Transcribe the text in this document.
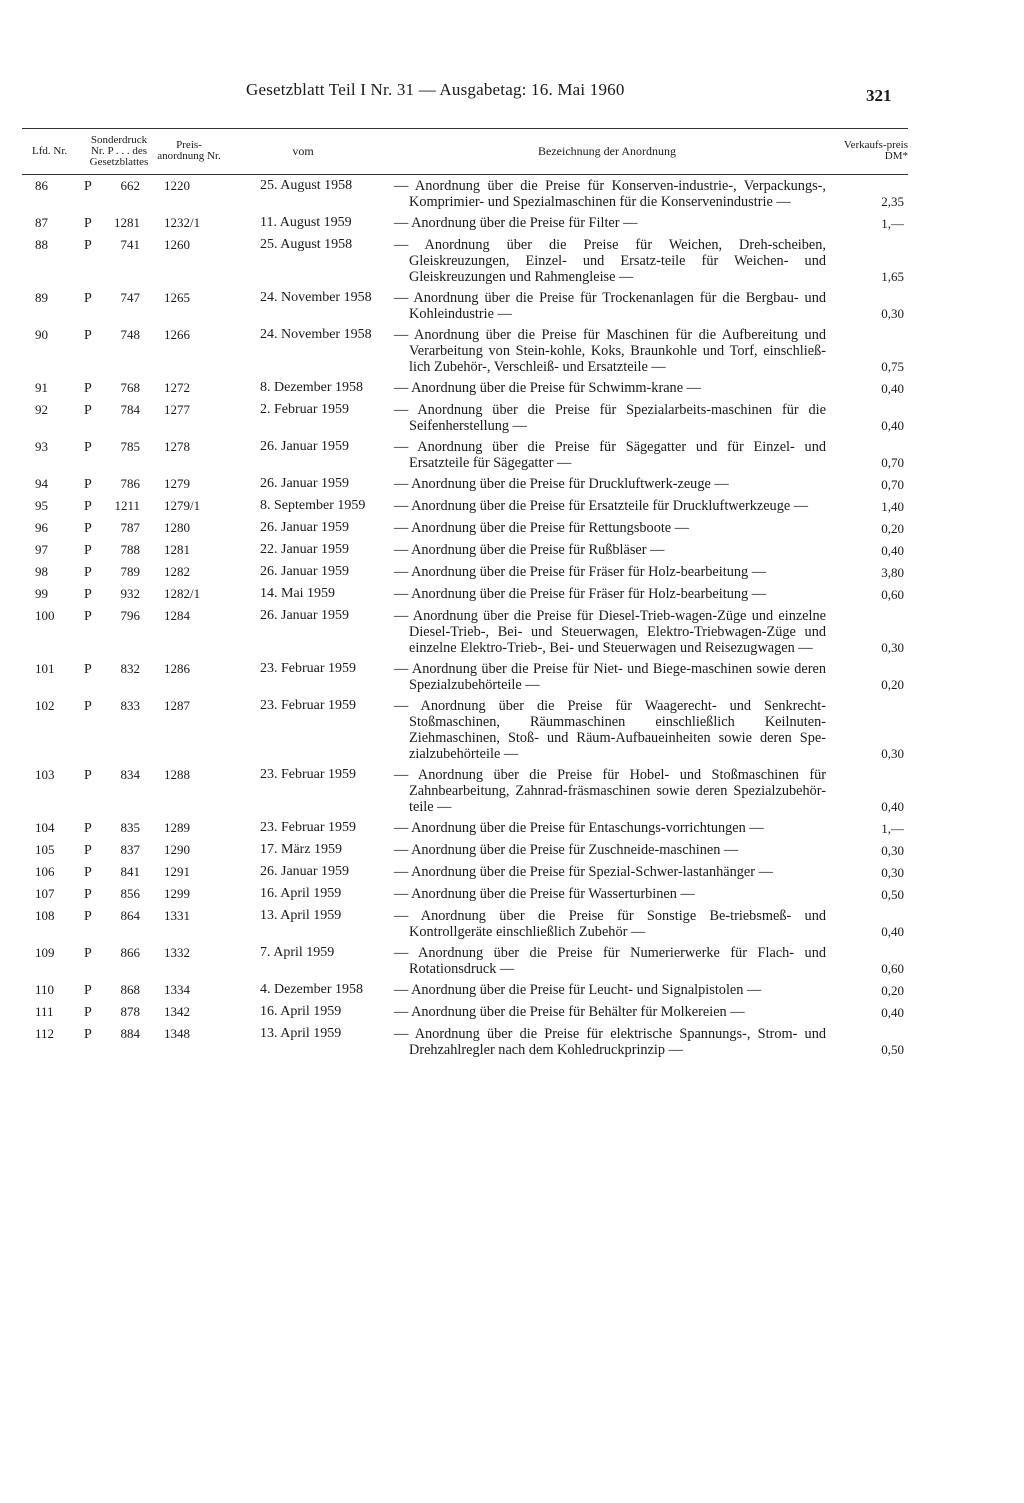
Gesetzblatt Teil I Nr. 31 — Ausgabetag: 16. Mai 1960	321
Lfd. Nr.	Sonderdruck Nr. P . . . des Gesetzblattes	Preis-anordnung Nr.	vom	Bezeichnung der Anordnung	Verkaufs-preis DM*
86	P 662	1220	25. August 1958	— Anordnung über die Preise für Konserven-industrie-, Verpackungs-, Komprimier- und Spezialmaschinen für die Konservenindustrie —	2,35
87	P 1281	1232/1	11. August 1959	— Anordnung über die Preise für Filter —	1,—
88	P 741	1260	25. August 1958	— Anordnung über die Preise für Weichen, Dreh-scheiben, Gleiskreuzungen, Einzel- und Ersatz-teile für Weichen- und Gleiskreuzungen und Rahmengleise —	1,65
89	P 747	1265	24. November 1958	— Anordnung über die Preise für Trockenanlagen für die Bergbau- und Kohleindustrie —	0,30
90	P 748	1266	24. November 1958	— Anordnung über die Preise für Maschinen für die Aufbereitung und Verarbeitung von Stein-kohle, Koks, Braunkohle und Torf, einschließ-lich Zubehör-, Verschleiß- und Ersatzteile —	0,75
91	P 768	1272	8. Dezember 1958	— Anordnung über die Preise für Schwimm-krane —	0,40
92	P 784	1277	2. Februar 1959	— Anordnung über die Preise für Spezialarbeits-maschinen für die Seifenherstellung —	0,40
93	P 785	1278	26. Januar 1959	— Anordnung über die Preise für Sägegatter und für Einzel- und Ersatzteile für Sägegatter —	0,70
94	P 786	1279	26. Januar 1959	— Anordnung über die Preise für Druckluftwerk-zeuge —	0,70
95	P 1211	1279/1	8. September 1959	— Anordnung über die Preise für Ersatzteile für Druckluftwerkzeuge —	1,40
96	P 787	1280	26. Januar 1959	— Anordnung über die Preise für Rettungsboote —	0,20
97	P 788	1281	22. Januar 1959	— Anordnung über die Preise für Rußbläser —	0,40
98	P 789	1282	26. Januar 1959	— Anordnung über die Preise für Fräser für Holz-bearbeitung —	3,80
99	P 932	1282/1	14. Mai 1959	— Anordnung über die Preise für Fräser für Holz-bearbeitung —	0,60
100	P 796	1284	26. Januar 1959	— Anordnung über die Preise für Diesel-Trieb-wagen-Züge und einzelne Diesel-Trieb-, Bei- und Steuerwagen, Elektro-Triebwagen-Züge und einzelne Elektro-Trieb-, Bei- und Steuerwagen und Reisezugwagen —	0,30
101	P 832	1286	23. Februar 1959	— Anordnung über die Preise für Niet- und Biege-maschinen sowie deren Spezialzubehörteile —	0,20
102	P 833	1287	23. Februar 1959	— Anordnung über die Preise für Waagerecht- und Senkrecht-Stoßmaschinen, Räummaschinen einschließlich Keilnuten-Ziehmaschinen, Stoß- und Räum-Aufbaueinheiten sowie deren Spe-zialzubehörteile —	0,30
103	P 834	1288	23. Februar 1959	— Anordnung über die Preise für Hobel- und Stoßmaschinen für Zahnbearbeitung, Zahnrad-fräsmaschinen sowie deren Spezialzubehör-teile —	0,40
104	P 835	1289	23. Februar 1959	— Anordnung über die Preise für Entaschungs-vorrichtungen —	1,—
105	P 837	1290	17. März 1959	— Anordnung über die Preise für Zuschneide-maschinen —	0,30
106	P 841	1291	26. Januar 1959	— Anordnung über die Preise für Spezial-Schwer-lastanhänger —	0,30
107	P 856	1299	16. April 1959	— Anordnung über die Preise für Wasserturbinen —	0,50
108	P 864	1331	13. April 1959	— Anordnung über die Preise für Sonstige Be-triebsmeß- und Kontrollgeräte einschließlich Zubehör —	0,40
109	P 866	1332	7. April 1959	— Anordnung über die Preise für Numerierwerke für Flach- und Rotationsdruck —	0,60
110	P 868	1334	4. Dezember 1958	— Anordnung über die Preise für Leucht- und Signalpistolen —	0,20
111	P 878	1342	16. April 1959	— Anordnung über die Preise für Behälter für Molkereien —	0,40
112	P 884	1348	13. April 1959	— Anordnung über die Preise für elektrische Spannungs-, Strom- und Drehzahlregler nach dem Kohledruckprinzip —	0,50
